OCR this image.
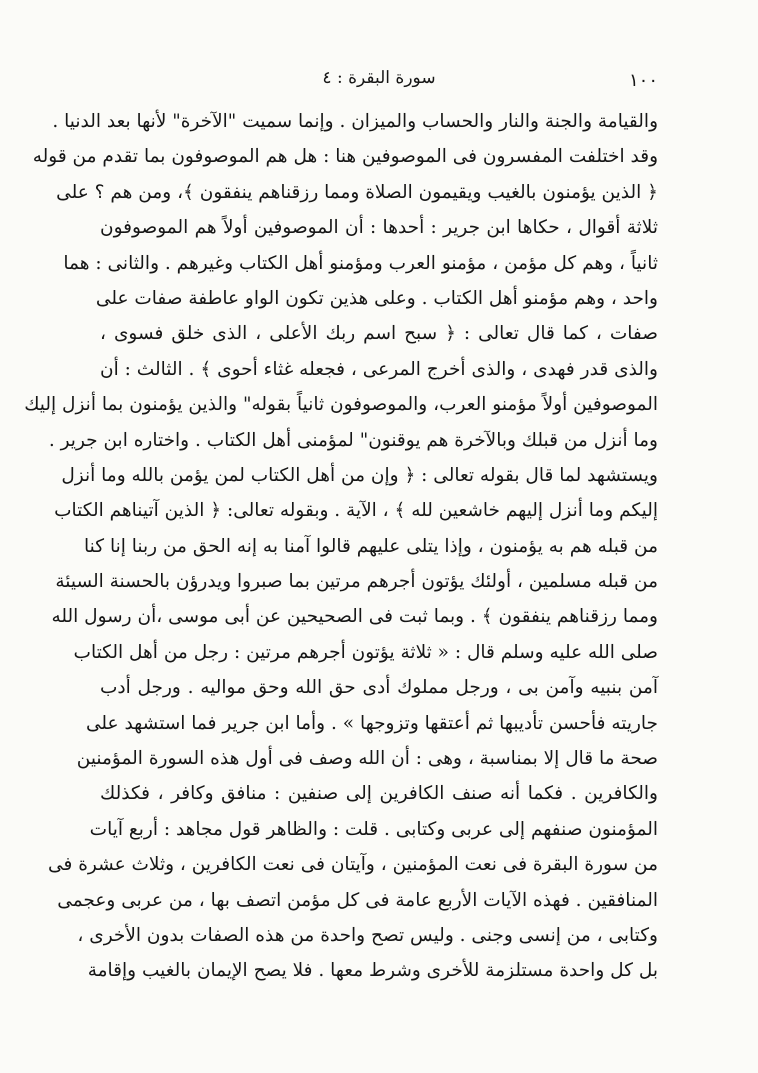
١٠٠
سورة البقرة : ٤
والقيامة والجنة والنار والحساب والميزان . وإنما سميت "الآخرة" لأنها بعد الدنيا .
وقد اختلفت المفسرون فى الموصوفين هنا : هل هم الموصوفون بما تقدم من قوله
﴿ الذين يؤمنون بالغيب ويقيمون الصلاة ومما رزقناهم ينفقون ﴾، ومن هم ؟ على
ثلاثة أقوال ، حكاها ابن جرير : أحدها : أن الموصوفين أولاً هم الموصوفون
ثانياً ، وهم كل مؤمن ، مؤمنو العرب ومؤمنو أهل الكتاب وغيرهم . والثانى : هما
واحد ، وهم مؤمنو أهل الكتاب . وعلى هذين تكون الواو عاطفة صفات على
صفات ، كما قال تعالى : ﴿ سبح اسم ربك الأعلى ، الذى خلق فسوى ،
والذى قدر فهدى ، والذى أخرج المرعى ، فجعله غثاء أحوى ﴾ . الثالث : أن
الموصوفين أولاً مؤمنو العرب، والموصوفون ثانياً بقوله" والذين يؤمنون بما أنزل إليك
وما أنزل من قبلك وبالآخرة هم يوقنون" لمؤمنى أهل الكتاب . واختاره ابن جرير .
ويستشهد لما قال بقوله تعالى : ﴿ وإن من أهل الكتاب لمن يؤمن بالله وما أنزل
إليكم وما أنزل إليهم خاشعين لله ﴾ ، الآية . وبقوله تعالى: ﴿ الذين آتيناهم الكتاب
من قبله هم به يؤمنون ، وإذا يتلى عليهم قالوا آمنا به إنه الحق من ربنا إنا كنا
من قبله مسلمين ، أولئك يؤتون أجرهم مرتين بما صبروا ويدرؤن بالحسنة السيئة
ومما رزقناهم ينفقون ﴾ . وبما ثبت فى الصحيحين عن أبى موسى ،أن رسول الله
صلى الله عليه وسلم قال : « ثلاثة يؤتون أجرهم مرتين : رجل من أهل الكتاب
آمن بنبيه وآمن بى ، ورجل مملوك أدى حق الله وحق مواليه . ورجل أدب
جاريته فأحسن تأديبها ثم أعتقها وتزوجها » . وأما ابن جرير فما استشهد على
صحة ما قال إلا بمناسبة ، وهى : أن الله وصف فى أول هذه السورة المؤمنين
والكافرين . فكما أنه صنف الكافرين إلى صنفين : منافق وكافر ، فكذلك
المؤمنون صنفهم إلى عربى وكتابى . قلت : والظاهر قول مجاهد : أربع آيات
من سورة البقرة فى نعت المؤمنين ، وآيتان فى نعت الكافرين ، وثلاث عشرة فى
المنافقين . فهذه الآيات الأربع عامة فى كل مؤمن اتصف بها ، من عربى وعجمى
وكتابى ، من إنسى وجنى . وليس تصح واحدة من هذه الصفات بدون الأخرى ،
بل كل واحدة مستلزمة للأخرى وشرط معها . فلا يصح الإيمان بالغيب وإقامة
